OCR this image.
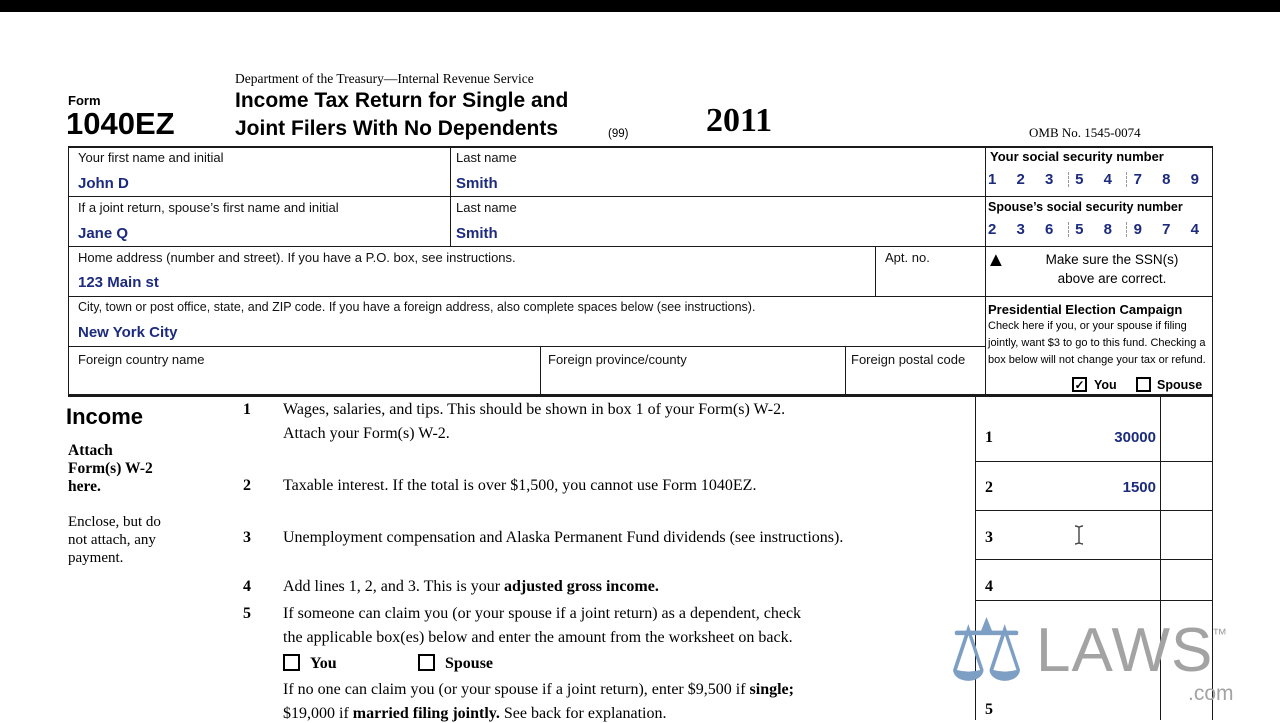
Form
1040EZ
Department of the Treasury—Internal Revenue Service
Income Tax Return for Single and
Joint Filers With No Dependents	(99) 2011	OMB No. 1545-0074
Your first name and initial	Last name
John D	Smith
If a joint return, spouse’s first name and initial	Last name
Jane Q	Smith
Home address (number and street). If you have a P.O. box, see instructions.	Apt. no.
123 Main st
City, town or post office, state, and ZIP code. If you have a foreign address, also complete spaces below (see instructions).
New York City
Foreign country name	Foreign province/county	Foreign postal code
Your social security number
1 2 3 5 4 7 8 9
Spouse’s social security number
2 3 6 5 8 9 7 4
▲	Make sure the SSN(s)
above are correct.
Presidential Election Campaign
Check here if you, or your spouse if filing jointly, want $3 to go to this fund. Checking a box below will not change your tax or refund.
✓ You	Spouse
Income
Attach
Form(s) W-2
here.
Enclose, but do
not attach, any
payment.
1 Wages, salaries, and tips. This should be shown in box 1 of your Form(s) W-2.
Attach your Form(s) W-2.	1	30000
2 Taxable interest. If the total is over $1,500, you cannot use Form 1040EZ.	2	1500
3 Unemployment compensation and Alaska Permanent Fund dividends (see instructions).	3
4 Add lines 1, 2, and 3. This is your adjusted gross income.	4
5 If someone can claim you (or your spouse if a joint return) as a dependent, check
the applicable box(es) below and enter the amount from the worksheet on back.
You	Spouse
If no one can claim you (or your spouse if a joint return), enter $9,500 if single;
$19,000 if married filing jointly. See back for explanation.	5
⚖ LAWS
™
.com
